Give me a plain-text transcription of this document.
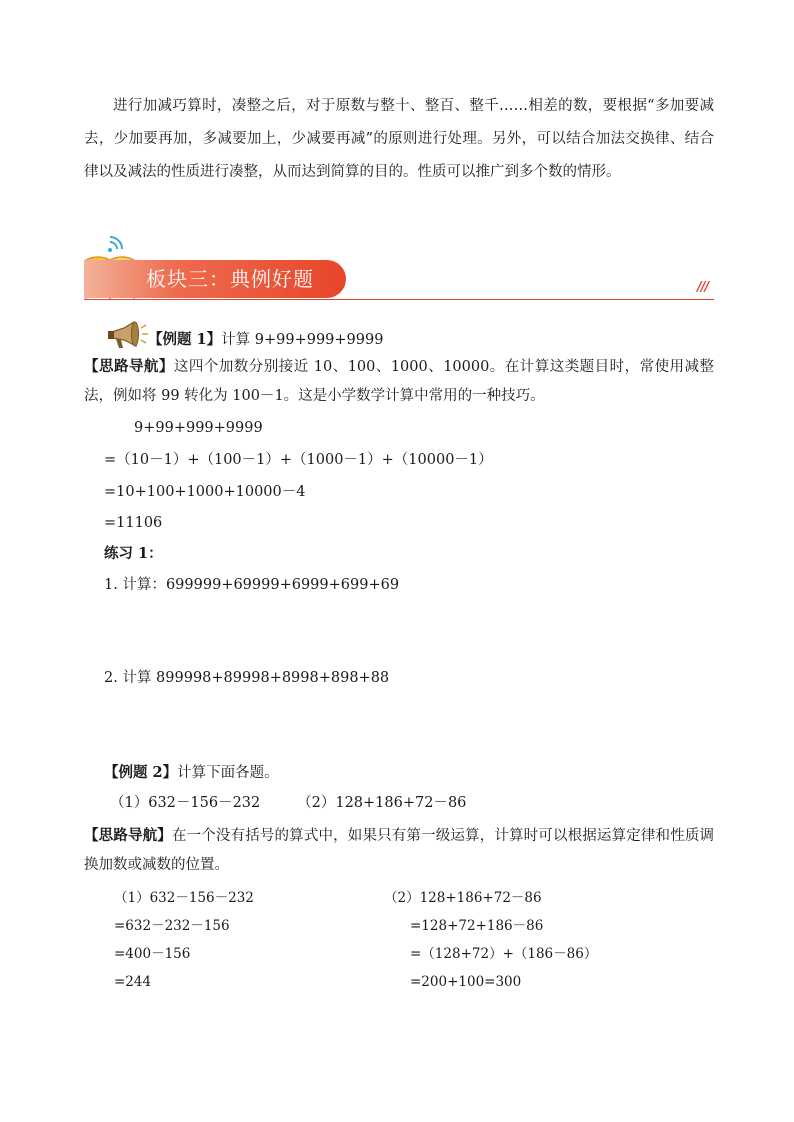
进行加减巧算时，凑整之后，对于原数与整十、整百、整千……相差的数，要根据“多加要减去，少加要再加，多减要加上，少减要再减”的原则进行处理。另外，可以结合加法交换律、结合律以及减法的性质进行凑整，从而达到简算的目的。性质可以推广到多个数的情形。
板块三：典例好题	///
【例题 1】计算 9+99+999+9999
【思路导航】这四个加数分别接近 10、100、1000、10000。在计算这类题目时，常使用减整法，例如将 99 转化为 100－1。这是小学数学计算中常用的一种技巧。
9+99+999+9999
=（10－1）+（100－1）+（1000－1）+（10000－1）
=10+100+1000+10000－4
=11106
练习 1：
1. 计算：699999+69999+6999+699+69
2. 计算 899998+89998+8998+898+88
【例题 2】计算下面各题。
（1）632－156－232        （2）128+186+72－86
【思路导航】在一个没有括号的算式中，如果只有第一级运算，计算时可以根据运算定律和性质调换加数或减数的位置。
（1）632－156－232
=632－232－156
=400－156
=244
（2）128+186+72－86
=128+72+186－86
=（128+72）+（186－86）
=200+100=300
